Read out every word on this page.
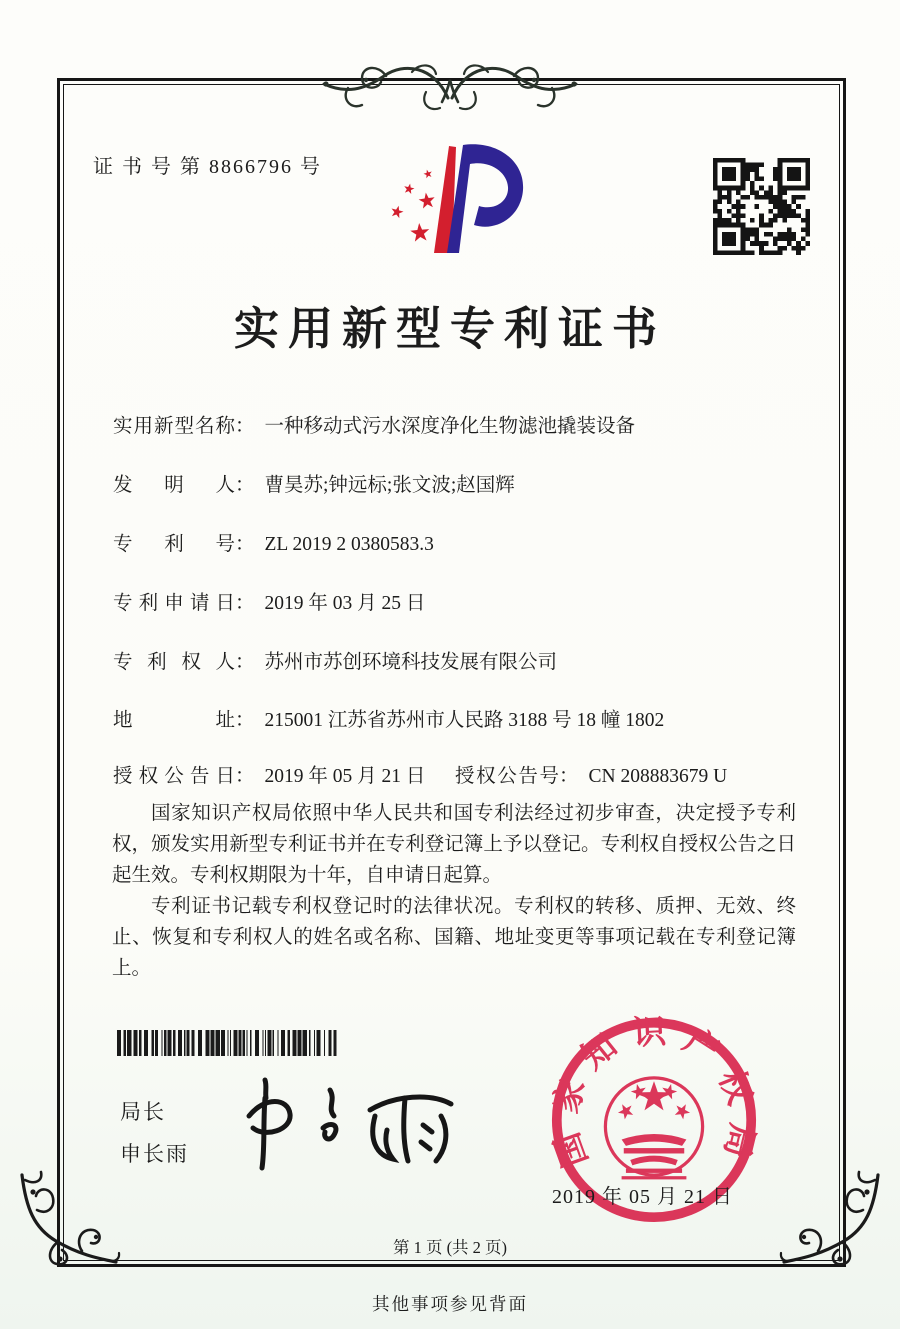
证 书 号 第 8866796 号
实用新型专利证书
实用新型名称： 一种移动式污水深度净化生物滤池撬装设备
发明人： 曹昊苏;钟远标;张文波;赵国辉
专利号： ZL 2019 2 0380583.3
专利申请日： 2019 年 03 月 25 日
专利权人： 苏州市苏创环境科技发展有限公司
地址： 215001 江苏省苏州市人民路 3188 号 18 幢 1802
授权公告日： 2019 年 05 月 21 日 授权公告号： CN 208883679 U

国家知识产权局依照中华人民共和国专利法经过初步审查，决定授予专利权，颁发实用新型专利证书并在专利登记簿上予以登记。专利权自授权公告之日起生效。专利权期限为十年，自申请日起算。

专利证书记载专利权登记时的法律状况。专利权的转移、质押、无效、终止、恢复和专利权人的姓名或名称、国籍、地址变更等事项记载在专利登记簿上。

局长
申长雨	国家知识产权局
2019 年 05 月 21 日
第 1 页 (共 2 页)
其他事项参见背面
